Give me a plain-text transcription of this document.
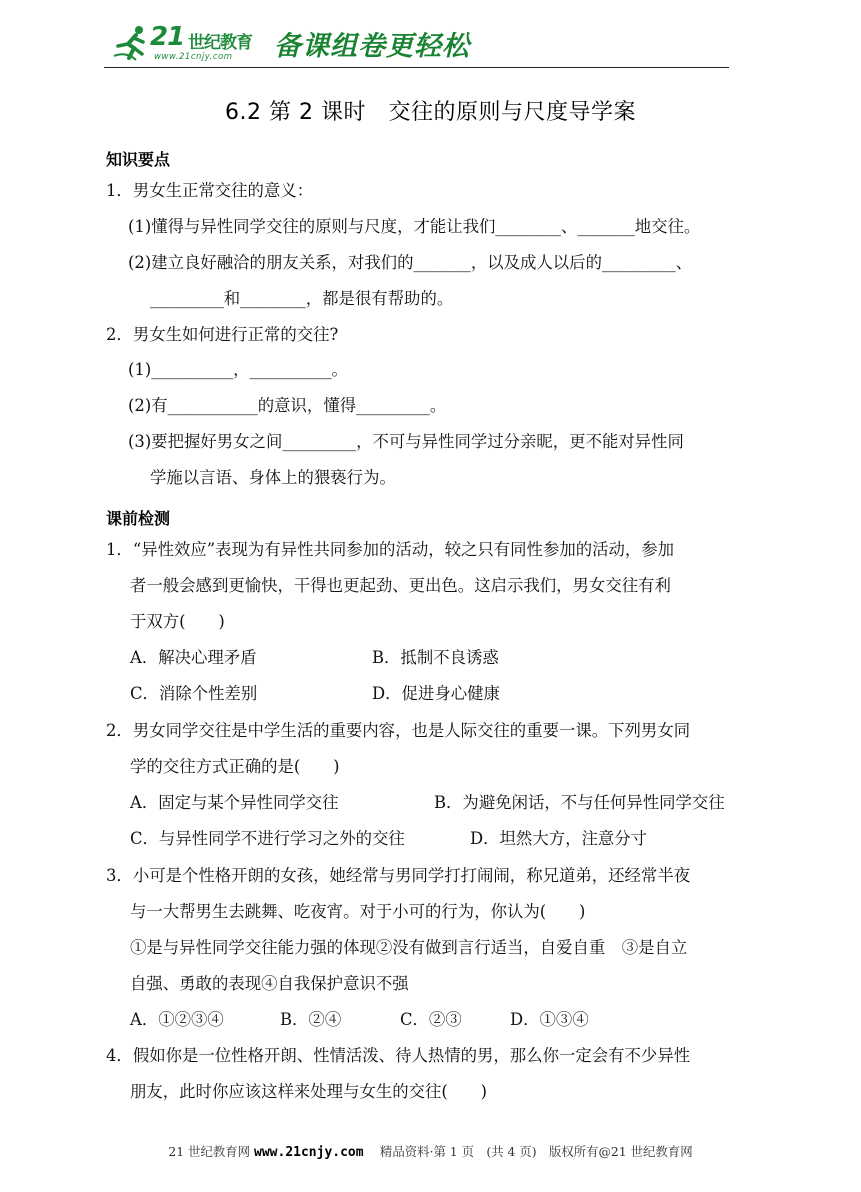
21 世纪教育
www.21cnjy.com 备课组卷更轻松
6.2 第 2 课时　交往的原则与尺度导学案
知识要点
1．男女生正常交往的意义：
(1)懂得与异性同学交往的原则与尺度，才能让我们________、_______地交往。
(2)建立良好融洽的朋友关系，对我们的_______，以及成人以后的_________、
_________和________，都是很有帮助的。
2．男女生如何进行正常的交往?
(1)__________，__________。
(2)有___________的意识，懂得_________。
(3)要把握好男女之间_________，不可与异性同学过分亲昵，更不能对异性同
学施以言语、身体上的猥亵行为。
课前检测
1．“异性效应”表现为有异性共同参加的活动，较之只有同性参加的活动，参加
者一般会感到更愉快，干得也更起劲、更出色。这启示我们，男女交往有利
于双方(　　)
A．解决心理矛盾	B．抵制不良诱惑
C．消除个性差别	D．促进身心健康
2．男女同学交往是中学生活的重要内容，也是人际交往的重要一课。下列男女同
学的交往方式正确的是(　　)
A．固定与某个异性同学交往	B．为避免闲话，不与任何异性同学交往
C．与异性同学不进行学习之外的交往	D．坦然大方，注意分寸
3．小可是个性格开朗的女孩，她经常与男同学打打闹闹，称兄道弟，还经常半夜
与一大帮男生去跳舞、吃夜宵。对于小可的行为，你认为(　　)
①是与异性同学交往能力强的体现②没有做到言行适当，自爱自重　③是自立
自强、勇敢的表现④自我保护意识不强
A．①②③④	B．②④	C．②③	D．①③④
4．假如你是一位性格开朗、性情活泼、待人热情的男，那么你一定会有不少异性
朋友，此时你应该这样来处理与女生的交往(　　)
21 世纪教育网 www.21cnjy.com 　精品资料·第 1 页　(共 4 页)　版权所有@21 世纪教育网
